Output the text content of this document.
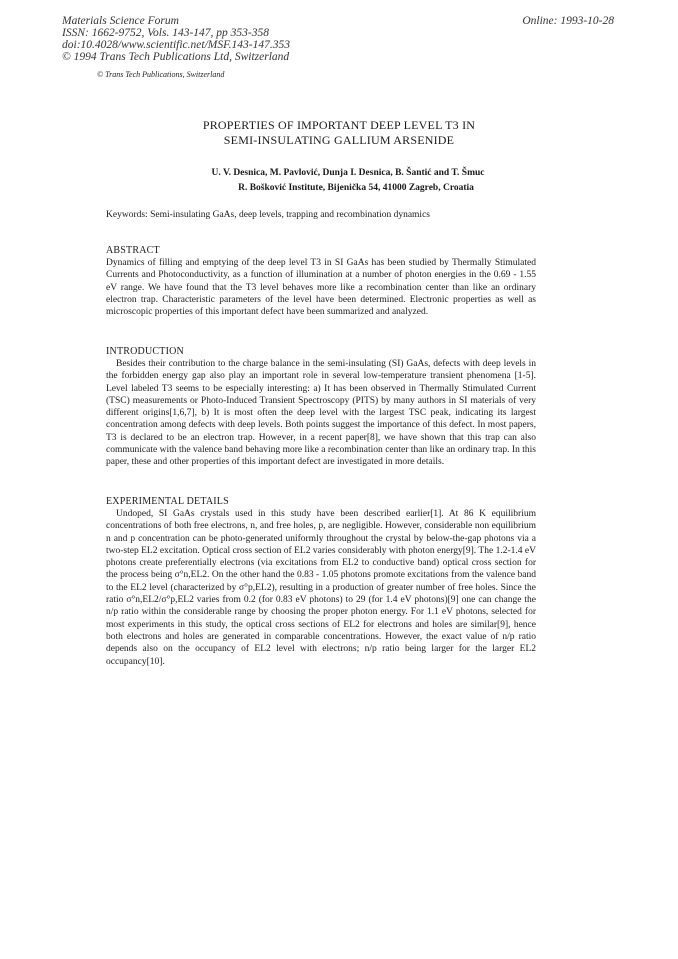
Materials Science Forum
ISSN: 1662-9752, Vols. 143-147, pp 353-358
doi:10.4028/www.scientific.net/MSF.143-147.353
© 1994 Trans Tech Publications Ltd, Switzerland
Online: 1993-10-28
© Trans Tech Publications, Switzerland
PROPERTIES OF IMPORTANT DEEP LEVEL T3 IN
SEMI-INSULATING GALLIUM ARSENIDE
U. V. Desnica, M. Pavlović, Dunja I. Desnica, B. Šantić and T. Šmuc
R. Bošković Institute, Bijenička 54, 41000 Zagreb, Croatia
Keywords: Semi-insulating GaAs, deep levels, trapping and recombination dynamics
ABSTRACT
Dynamics of filling and emptying of the deep level T3 in SI GaAs has been studied by Thermally Stimulated Currents and Photoconductivity, as a function of illumination at a number of photon energies in the 0.69 - 1.55 eV range. We have found that the T3 level behaves more like a recombination center than like an ordinary electron trap. Characteristic parameters of the level have been determined. Electronic properties as well as microscopic properties of this important defect have been summarized and analyzed.
INTRODUCTION
Besides their contribution to the charge balance in the semi-insulating (SI) GaAs, defects with deep levels in the forbidden energy gap also play an important role in several low-temperature transient phenomena [1-5]. Level labeled T3 seems to be especially interesting: a) It has been observed in Thermally Stimulated Current (TSC) measurements or Photo-Induced Transient Spectroscopy (PITS) by many authors in SI materials of very different origins[1,6,7], b) It is most often the deep level with the largest TSC peak, indicating its largest concentration among defects with deep levels. Both points suggest the importance of this defect. In most papers, T3 is declared to be an electron trap. However, in a recent paper[8], we have shown that this trap can also communicate with the valence band behaving more like a recombination center than like an ordinary trap. In this paper, these and other properties of this important defect are investigated in more details.
EXPERIMENTAL DETAILS
Undoped, SI GaAs crystals used in this study have been described earlier[1]. At 86 K equilibrium concentrations of both free electrons, n, and free holes, p, are negligible. However, considerable non equilibrium n and p concentration can be photo-generated uniformly throughout the crystal by below-the-gap photons via a two-step EL2 excitation. Optical cross section of EL2 varies considerably with photon energy[9]. The 1.2-1.4 eV photons create preferentially electrons (via excitations from EL2 to conductive band) optical cross section for the process being σ°n,EL2. On the other hand the 0.83 - 1.05 photons promote excitations from the valence band to the EL2 level (characterized by σ°p,EL2), resulting in a production of greater number of free holes. Since the ratio σ°n,EL2/σ°p,EL2 varies from 0.2 (for 0.83 eV photons) to 29 (for 1.4 eV photons)[9] one can change the n/p ratio within the considerable range by choosing the proper photon energy. For 1.1 eV photons, selected for most experiments in this study, the optical cross sections of EL2 for electrons and holes are similar[9], hence both electrons and holes are generated in comparable concentrations. However, the exact value of n/p ratio depends also on the occupancy of EL2 level with electrons; n/p ratio being larger for the larger EL2 occupancy[10].
